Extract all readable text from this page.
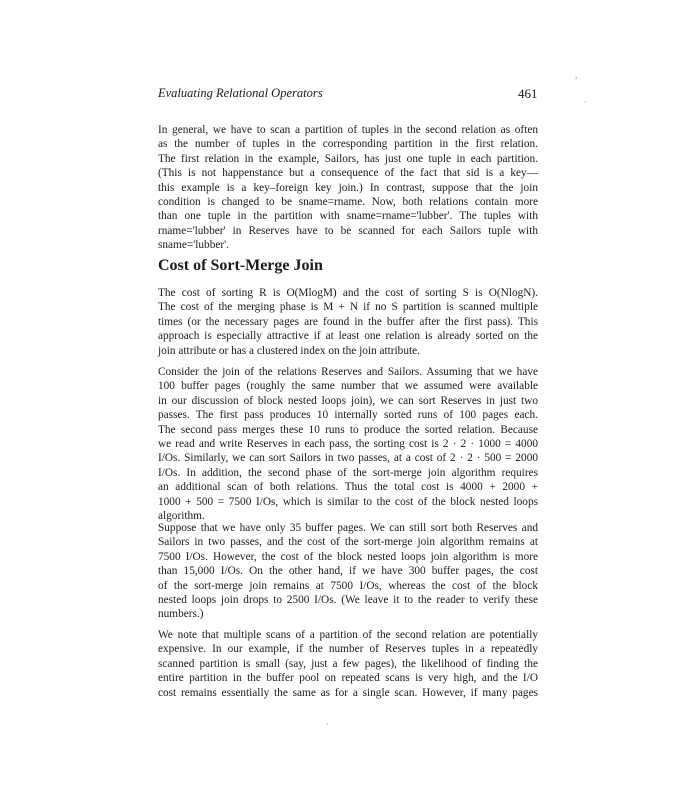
Evaluating Relational Operators	461
In general, we have to scan a partition of tuples in the second relation as often
as the number of tuples in the corresponding partition in the first relation.
The first relation in the example, Sailors, has just one tuple in each partition.
(This is not happenstance but a consequence of the fact that sid is a key—
this example is a key–foreign key join.) In contrast, suppose that the join
condition is changed to be sname=rname. Now, both relations contain more
than one tuple in the partition with sname=rname='lubber'. The tuples with
rname='lubber' in Reserves have to be scanned for each Sailors tuple with
sname='lubber'.
Cost of Sort-Merge Join
The cost of sorting R is O(MlogM) and the cost of sorting S is O(NlogN).
The cost of the merging phase is M + N if no S partition is scanned multiple
times (or the necessary pages are found in the buffer after the first pass). This
approach is especially attractive if at least one relation is already sorted on the
join attribute or has a clustered index on the join attribute.
Consider the join of the relations Reserves and Sailors. Assuming that we have
100 buffer pages (roughly the same number that we assumed were available
in our discussion of block nested loops join), we can sort Reserves in just two
passes. The first pass produces 10 internally sorted runs of 100 pages each.
The second pass merges these 10 runs to produce the sorted relation. Because
we read and write Reserves in each pass, the sorting cost is 2 · 2 · 1000 = 4000
I/Os. Similarly, we can sort Sailors in two passes, at a cost of 2 · 2 · 500 = 2000
I/Os. In addition, the second phase of the sort-merge join algorithm requires
an additional scan of both relations. Thus the total cost is 4000 + 2000 +
1000 + 500 = 7500 I/Os, which is similar to the cost of the block nested loops
algorithm.
Suppose that we have only 35 buffer pages. We can still sort both Reserves and
Sailors in two passes, and the cost of the sort-merge join algorithm remains at
7500 I/Os. However, the cost of the block nested loops join algorithm is more
than 15,000 I/Os. On the other hand, if we have 300 buffer pages, the cost
of the sort-merge join remains at 7500 I/Os, whereas the cost of the block
nested loops join drops to 2500 I/Os. (We leave it to the reader to verify these
numbers.)
We note that multiple scans of a partition of the second relation are potentially
expensive. In our example, if the number of Reserves tuples in a repeatedly
scanned partition is small (say, just a few pages), the likelihood of finding the
entire partition in the buffer pool on repeated scans is very high, and the I/O
cost remains essentially the same as for a single scan. However, if many pages
'
·
·
